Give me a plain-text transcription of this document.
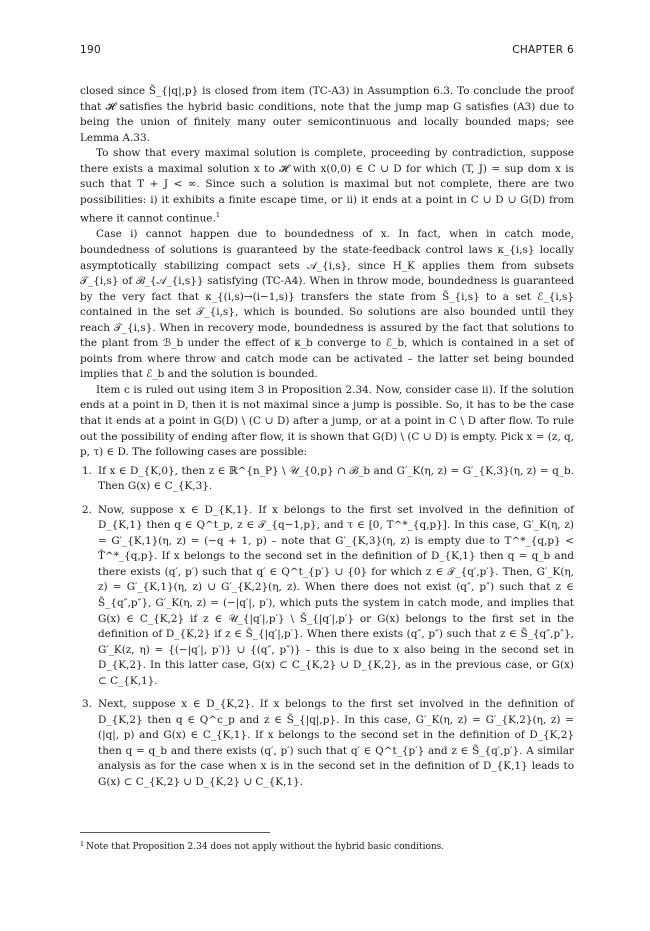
190	CHAPTER 6

closed since S̃_{|q|,p} is closed from item (TC-A3) in Assumption 6.3. To conclude the proof that 𝓗 satisfies the hybrid basic conditions, note that the jump map G satisfies (A3) due to being the union of finitely many outer semicontinuous and locally bounded maps; see Lemma A.33.

To show that every maximal solution is complete, proceeding by contradiction, suppose there exists a maximal solution x to 𝓗 with x(0,0) ∈ C ∪ D for which (T, J) = sup dom x is such that T + J < ∞. Since such a solution is maximal but not complete, there are two possibilities: i) it exhibits a finite escape time, or ii) it ends at a point in C ∪ D ∪ G(D) from where it cannot continue.$^1$

Case i) cannot happen due to boundedness of x. In fact, when in catch mode, boundedness of solutions is guaranteed by the state-feedback control laws κ_{i,s} locally asymptotically stabilizing compact sets 𝒜_{i,s}, since H_K applies them from subsets 𝒯_{i,s} of ℬ_{𝒜_{i,s}} satisfying (TC-A4). When in throw mode, boundedness is guaranteed by the very fact that κ_{(i,s)→(i−1,s)} transfers the state from S̃_{i,s} to a set ℰ_{i,s} contained in the set 𝒯_{i,s}, which is bounded. So solutions are also bounded until they reach 𝒯_{i,s}. When in recovery mode, boundedness is assured by the fact that solutions to the plant from ℬ_b under the effect of κ_b converge to ℰ_b, which is contained in a set of points from where throw and catch mode can be activated – the latter set being bounded implies that ℰ_b and the solution is bounded.

Item c is ruled out using item 3 in Proposition 2.34. Now, consider case ii). If the solution ends at a point in D, then it is not maximal since a jump is possible. So, it has to be the case that it ends at a point in G(D) \ (C ∪ D) after a jump, or at a point in C \ D after flow. To rule out the possibility of ending after flow, it is shown that G(D) \ (C ∪ D) is empty. Pick x = (z, q, p, τ) ∈ D. The following cases are possible:

1. If x ∈ D_{K,0}, then z ∈ ℝ^{n_P} \ 𝒰_{0,p} ∩ ℬ_b and G′_K(η, z) = G′_{K,3}(η, z) = q_b. Then G(x) ∈ C_{K,3}.
2. Now, suppose x ∈ D_{K,1}. If x belongs to the first set involved in the definition of D_{K,1} then q ∈ Q^t_p, z ∈ 𝒯_{q−1,p}, and τ ∈ [0, T^*_{q,p}]. In this case, G′_K(η, z) = G′_{K,1}(η, z) = (−q + 1, p) – note that G′_{K,3}(η, z) is empty due to T^*_{q,p} < T̃^*_{q,p}. If x belongs to the second set in the definition of D_{K,1} then q = q_b and there exists (q′, p′) such that q′ ∈ Q^t_{p′} ∪ {0} for which z ∈ 𝒯_{q′,p′}. Then, G′_K(η, z) = G′_{K,1}(η, z) ∪ G′_{K,2}(η, z). When there does not exist (q″, p″) such that z ∈ S̃_{q″,p″}, G′_K(η, z) = (−|q′|, p′), which puts the system in catch mode, and implies that G(x) ∈ C_{K,2} if z ∈ 𝒰_{|q′|,p′} \ S̃_{|q′|,p′} or G(x) belongs to the first set in the definition of D_{K,2} if z ∈ S̃_{|q′|,p′}. When there exists (q″, p″) such that z ∈ S̃_{q″,p″}, G′_K(z, η) = {(−|q′|, p′)} ∪ {(q″, p″)} – this is due to x also being in the second set in D_{K,2}. In this latter case, G(x) ⊂ C_{K,2} ∪ D_{K,2}, as in the previous case, or G(x) ⊂ C_{K,1}.
3. Next, suppose x ∈ D_{K,2}. If x belongs to the first set involved in the definition of D_{K,2} then q ∈ Q^c_p and z ∈ S̃_{|q|,p}. In this case, G′_K(η, z) = G′_{K,2}(η, z) = (|q|, p) and G(x) ∈ C_{K,1}. If x belongs to the second set in the definition of D_{K,2} then q = q_b and there exists (q′, p′) such that q′ ∈ Q^t_{p′} and z ∈ S̃_{q′,p′}. A similar analysis as for the case when x is in the second set in the definition of D_{K,1} leads to G(x) ⊂ C_{K,2} ∪ D_{K,2} ∪ C_{K,1}.
$^1$ Note that Proposition 2.34 does not apply without the hybrid basic conditions.
